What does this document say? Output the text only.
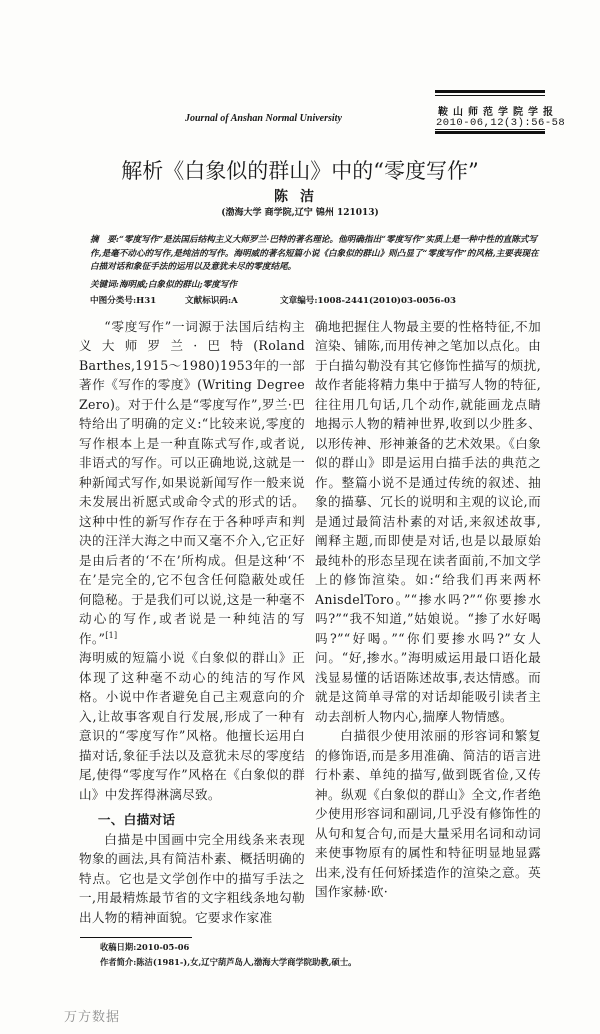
Journal of Anshan Normal University
鞍山师范学院学报
2010-06,12(3):56-58
解析《白象似的群山》中的“零度写作”
陈洁
(渤海大学 商学院,辽宁 锦州 121013)
摘　要:“零度写作”是法国后结构主义大师罗兰·巴特的著名理论。他明确指出“零度写作”实质上是一种中性的直陈式写作,是毫不动心的写作,是纯洁的写作。海明威的著名短篇小说《白象似的群山》则凸显了“零度写作”的风格,主要表现在白描对话和象征手法的运用以及意犹未尽的零度结尾。
关键词:海明威;白象似的群山;零度写作
中图分类号:H31	文献标识码:A	文章编号:1008-2441(2010)03-0056-03

“零度写作”一词源于法国后结构主义大师罗兰·巴特(Roland Barthes,1915～1980)1953年的一部著作《写作的零度》(Writing Degree Zero)。对于什么是“零度写作”,罗兰·巴特给出了明确的定义:“比较来说,零度的写作根本上是一种直陈式写作,或者说,非语式的写作。可以正确地说,这就是一种新闻式写作,如果说新闻写作一般来说未发展出祈愿式或命令式的形式的话。这种中性的新写作存在于各种呼声和判决的汪洋大海之中而又毫不介入,它正好是由后者的‘不在’所构成。但是这种‘不在’是完全的,它不包含任何隐蔽处或任何隐秘。于是我们可以说,这是一种毫不动心的写作,或者说是一种纯洁的写作。”[1]

海明威的短篇小说《白象似的群山》正体现了这种毫不动心的纯洁的写作风格。小说中作者避免自己主观意向的介入,让故事客观自行发展,形成了一种有意识的“零度写作”风格。他擅长运用白描对话,象征手法以及意犹未尽的零度结尾,使得“零度写作”风格在《白象似的群山》中发挥得淋漓尽致。

一、白描对话

白描是中国画中完全用线条来表现物象的画法,具有简洁朴素、概括明确的特点。它也是文学创作中的描写手法之一,用最精炼最节省的文字粗线条地勾勒出人物的精神面貌。它要求作家准

确地把握住人物最主要的性格特征,不加渲染、铺陈,而用传神之笔加以点化。由于白描勾勒没有其它修饰性描写的烦扰,故作者能将精力集中于描写人物的特征,往往用几句话,几个动作,就能画龙点睛地揭示人物的精神世界,收到以少胜多、以形传神、形神兼备的艺术效果。《白象似的群山》即是运用白描手法的典范之作。整篇小说不是通过传统的叙述、抽象的描摹、冗长的说明和主观的议论,而是通过最简洁朴素的对话,来叙述故事,阐释主题,而即使是对话,也是以最原始最纯朴的形态呈现在读者面前,不加文学上的修饰渲染。如:“给我们再来两杯 AnisdelToro。”“掺水吗?”“你要掺水吗?”“我不知道,”姑娘说。“掺了水好喝吗?”“好喝。”“你们要掺水吗?”女人问。“好,掺水。”海明威运用最口语化最浅显易懂的话语陈述故事,表达情感。而就是这简单寻常的对话却能吸引读者主动去剖析人物内心,揣摩人物情感。

白描很少使用浓丽的形容词和繁复的修饰语,而是多用准确、简洁的语言进行朴素、单纯的描写,做到既省俭,又传神。纵观《白象似的群山》全文,作者绝少使用形容词和副词,几乎没有修饰性的从句和复合句,而是大量采用名词和动词来使事物原有的属性和特征明显地显露出来,没有任何矫揉造作的渲染之意。英国作家赫·欧·

收稿日期:2010-05-06
作者简介:陈洁(1981-),女,辽宁葫芦岛人,渤海大学商学院助教,硕士。
万方数据
